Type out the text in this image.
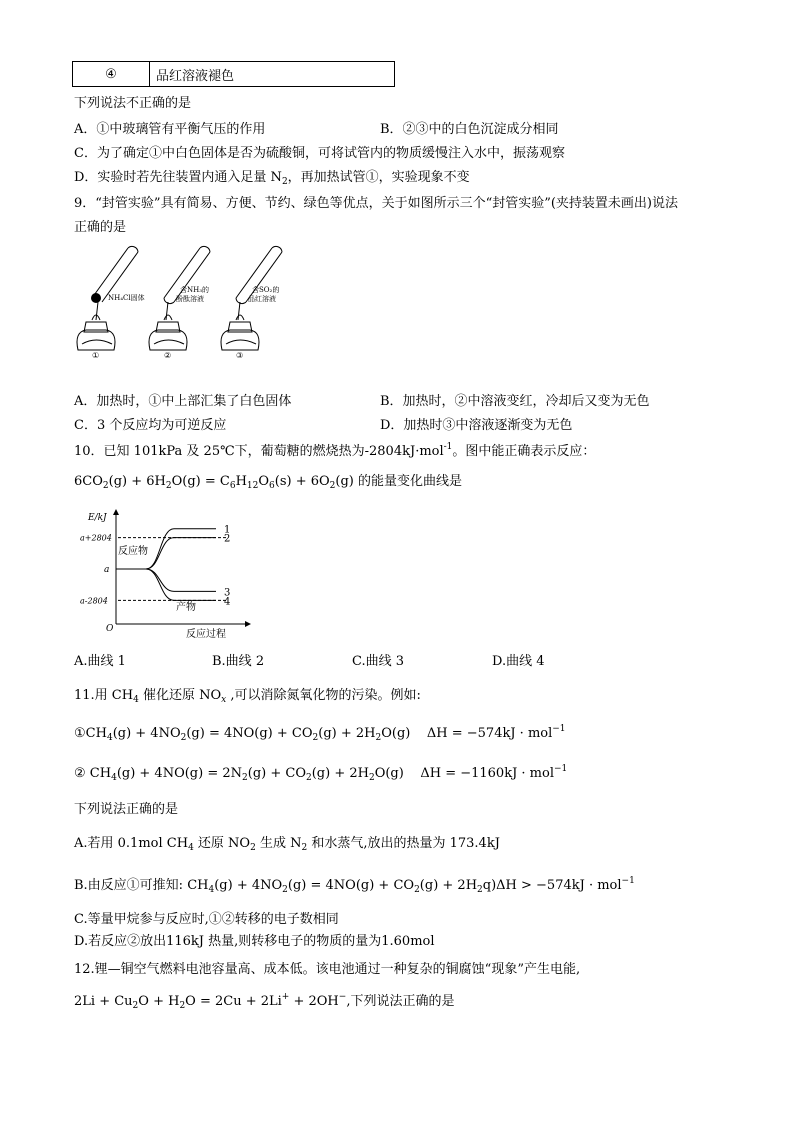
④	品红溶液褪色
下列说法不正确的是
A．①中玻璃管有平衡气压的作用	B．②③中的白色沉淀成分相同
C．为了确定①中白色固体是否为硫酸铜，可将试管内的物质缓慢注入水中，振荡观察
D．实验时若先往装置内通入足量 $N_2$，再加热试管①，实验现象不变
9．“封管实验”具有简易、方便、节约、绿色等优点，关于如图所示三个“封管实验”(夹持装置未画出)说法
正确的是
NH₄Cl固体
①
含NH₃的
酚酞溶液
②
含SO₂的
品红溶液
③
A．加热时，①中上部汇集了白色固体	B．加热时，②中溶液变红，冷却后又变为无色
C．3 个反应均为可逆反应	D．加热时③中溶液逐渐变为无色
10．已知 101kPa 及 25℃下，葡萄糖的燃烧热为-2804kJ·mol$^{-1}$。图中能正确表示反应：
$6CO_2(g) + 6H_2O(g) = C_6H_{12}O_6(s) + 6O_2(g)$ 的能量变化曲线是
E/kJ
反应过程
O
a+2804
a
a-2804
反应物
产物
1
2
3
4
A.曲线 1	B.曲线 2	C.曲线 3	D.曲线 4
11.用 $CH_4$ 催化还原 $NO_x$ ,可以消除氮氧化物的污染。例如:
$①CH_4(g) + 4NO_2(g) = 4NO(g) + CO_2(g) + 2H_2O(g)$    ΔH = −574kJ · mol$^{-1}$
② $CH_4(g) + 4NO(g) = 2N_2(g) + CO_2(g) + 2H_2O(g)$    ΔH = −1160kJ · mol$^{-1}$
下列说法正确的是
A.若用 0.1mol $CH_4$ 还原 $NO_2$ 生成 $N_2$ 和水蒸气,放出的热量为 173.4kJ
B.由反应①可推知: $CH_4(g) + 4NO_2(g) = 4NO(g) + CO_2(g) + 2H_2q)\Delta H > -574kJ \cdot mol^{-1}$
C.等量甲烷参与反应时,①②转移的电子数相同
D.若反应②放出116kJ 热量,则转移电子的物质的量为1.60mol
12.锂—铜空气燃料电池容量高、成本低。该电池通过一种复杂的铜腐蚀“现象”产生电能,
$2Li + Cu_2O + H_2O = 2Cu + 2Li^+ + 2OH^-$,下列说法正确的是
